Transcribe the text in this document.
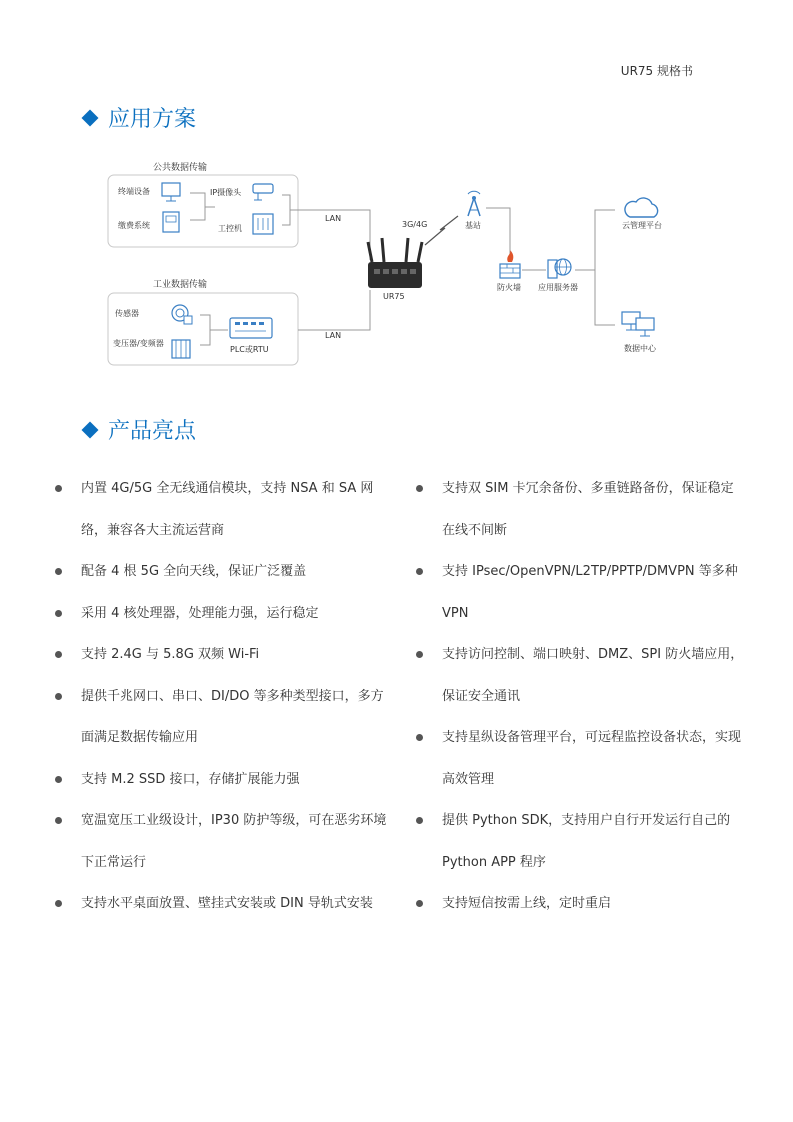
UR75 规格书
应用方案
公共数据传输
工业数据传输
终端设备
缴费系统
IP摄像头
工控机
传感器
变压器/变频器
PLC或RTU
LAN
LAN
UR75
3G/4G	基站
防火墙 应用服务器
云管理平台
数据中心
产品亮点
内置 4G/5G 全无线通信模块，支持 NSA 和 SA 网络，兼容各大主流运营商
配备 4 根 5G 全向天线，保证广泛覆盖
采用 4 核处理器，处理能力强，运行稳定
支持 2.4G 与 5.8G 双频 Wi-Fi
提供千兆网口、串口、DI/DO 等多种类型接口，多方面满足数据传输应用
支持 M.2 SSD 接口，存储扩展能力强
宽温宽压工业级设计，IP30 防护等级，可在恶劣环境下正常运行
支持水平桌面放置、壁挂式安装或 DIN 导轨式安装
支持双 SIM 卡冗余备份、多重链路备份，保证稳定在线不间断
支持 IPsec/OpenVPN/L2TP/PPTP/DMVPN 等多种 VPN
支持访问控制、端口映射、DMZ、SPI 防火墙应用，保证安全通讯
支持星纵设备管理平台，可远程监控设备状态，实现高效管理
提供 Python SDK，支持用户自行开发运行自己的 Python APP 程序
支持短信按需上线，定时重启
